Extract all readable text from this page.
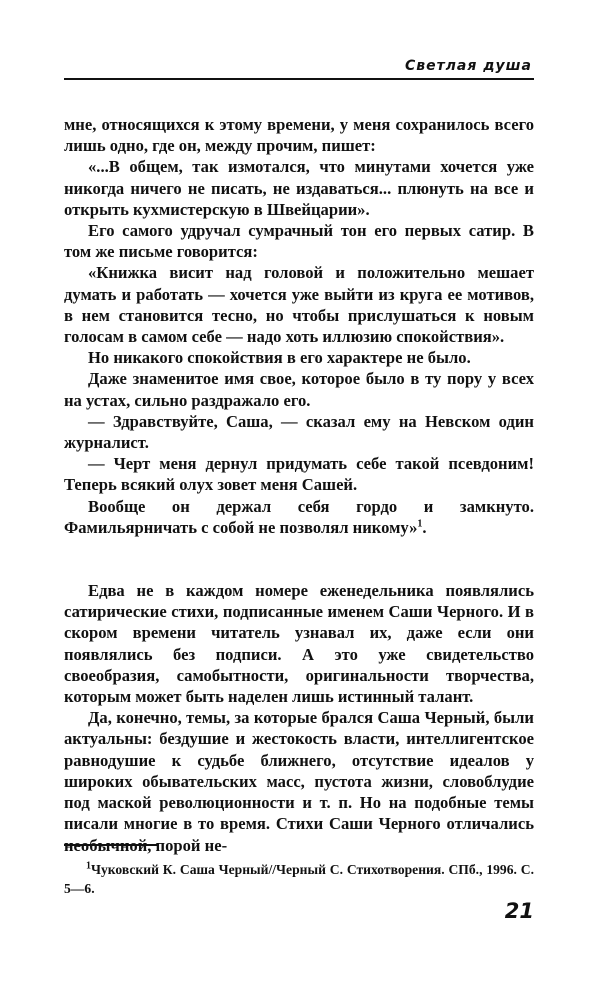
Светлая душа

мне, относящихся к этому времени, у меня сохранилось всего лишь одно, где он, между прочим, пишет:

«...В общем, так измотался, что минутами хочется уже никогда ничего не писать, не издаваться... плюнуть на все и открыть кухмистерскую в Швейцарии».

Его самого удручал сумрачный тон его первых сатир. В том же письме говорится:

«Книжка висит над головой и положительно мешает думать и работать — хочется уже выйти из круга ее мотивов, в нем становится тесно, но чтобы прислушаться к новым голосам в самом себе — надо хоть иллюзию спокойствия».

Но никакого спокойствия в его характере не было.

Даже знаменитое имя свое, которое было в ту пору у всех на устах, сильно раздражало его.

— Здравствуйте, Саша, — сказал ему на Невском один журналист.

— Черт меня дернул придумать себе такой псевдоним! Теперь всякий олух зовет меня Сашей.

Вообще он держал себя гордо и замкнуто. Фамильярничать с собой не позволял никому»$^1$.

Едва не в каждом номере еженедельника появлялись сатирические стихи, подписанные именем Саши Черного. И в скором времени читатель узнавал их, даже если они появлялись без подписи. А это уже свидетельство своеобразия, самобытности, оригинальности творчества, которым может быть наделен лишь истинный талант.

Да, конечно, темы, за которые брался Саша Черный, были актуальны: бездушие и жестокость власти, интеллигентское равнодушие к судьбе ближнего, отсутствие идеалов у широких обывательских масс, пустота жизни, словоблудие под маской революционности и т. п. Но на подобные темы писали многие в то время. Стихи Саши Черного отличались необычной, порой не-

$^1$Чуковский К. Саша Черный//Черный С. Стихотворения. СПб., 1996. С. 5—6.

21
